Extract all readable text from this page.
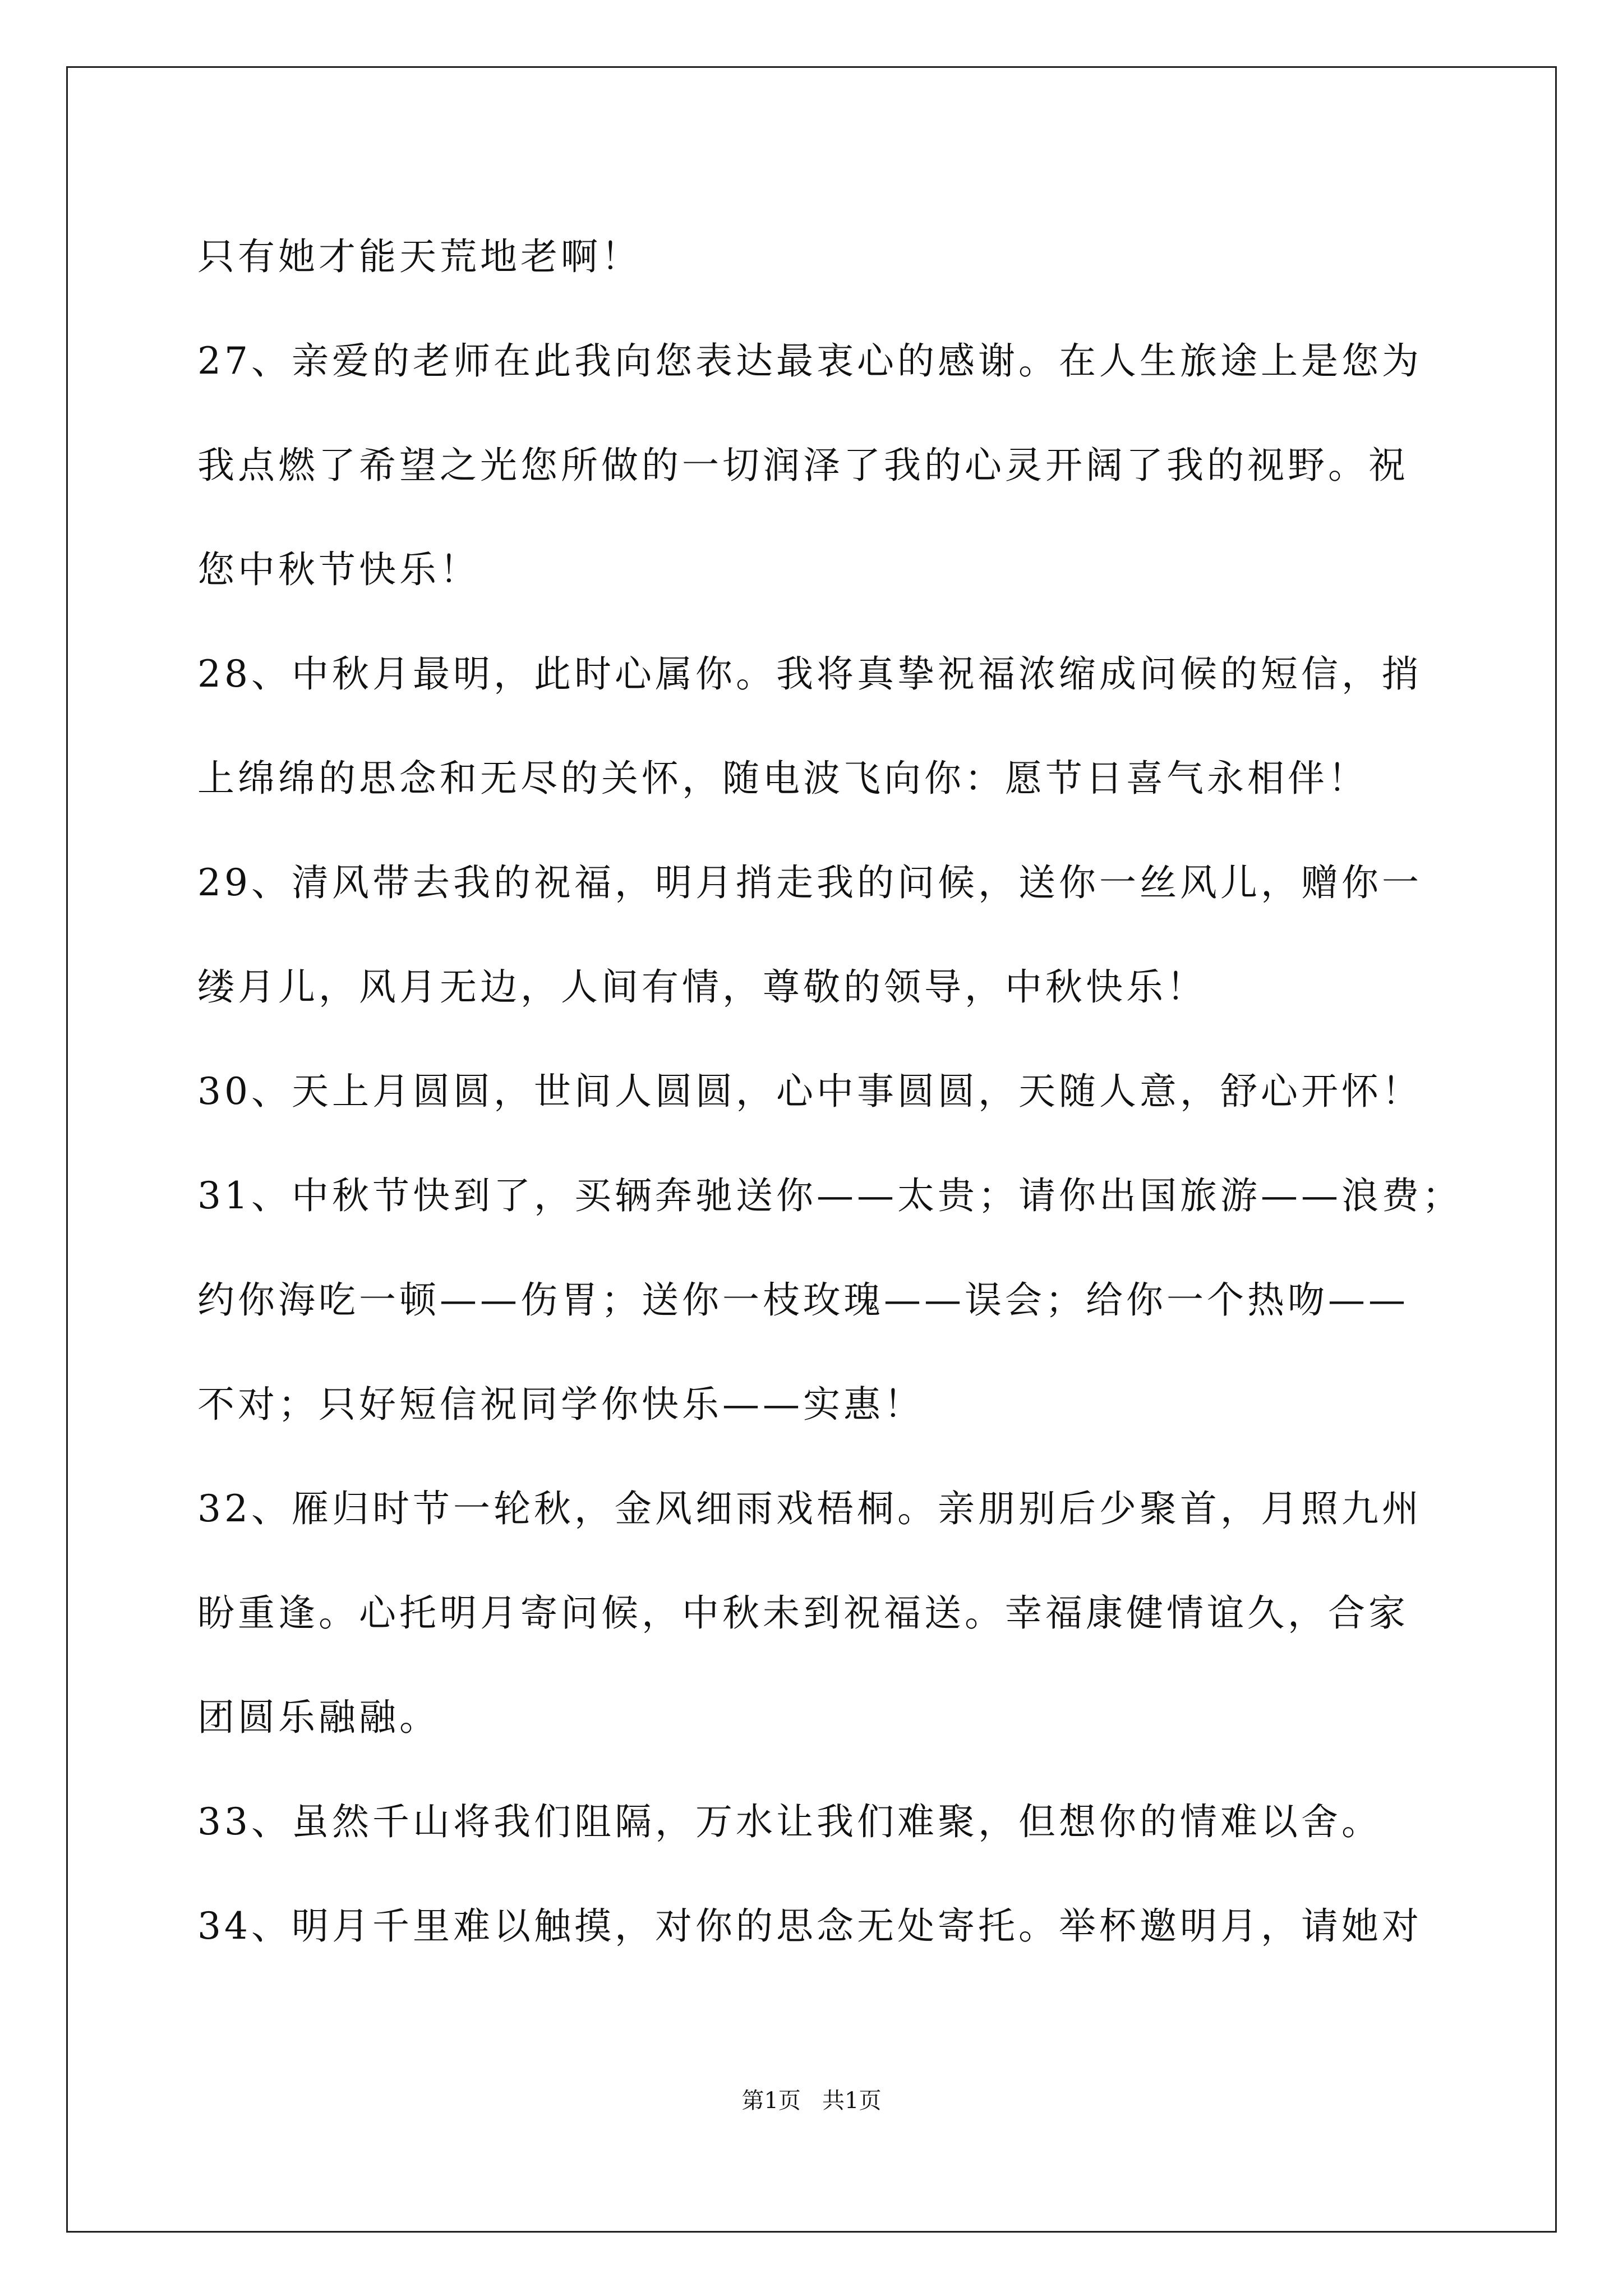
只有她才能天荒地老啊！
27、亲爱的老师在此我向您表达最衷心的感谢。在人生旅途上是您为
我点燃了希望之光您所做的一切润泽了我的心灵开阔了我的视野。祝
您中秋节快乐！
28、中秋月最明，此时心属你。我将真挚祝福浓缩成问候的短信，捎
上绵绵的思念和无尽的关怀，随电波飞向你：愿节日喜气永相伴！
29、清风带去我的祝福，明月捎走我的问候，送你一丝风儿，赠你一
缕月儿，风月无边，人间有情，尊敬的领导，中秋快乐！
30、天上月圆圆，世间人圆圆，心中事圆圆，天随人意，舒心开怀！
31、中秋节快到了，买辆奔驰送你——太贵；请你出国旅游——浪费；
约你海吃一顿——伤胃；送你一枝玫瑰——误会；给你一个热吻——
不对；只好短信祝同学你快乐——实惠！
32、雁归时节一轮秋，金风细雨戏梧桐。亲朋别后少聚首，月照九州
盼重逢。心托明月寄问候，中秋未到祝福送。幸福康健情谊久，合家
团圆乐融融。
33、虽然千山将我们阻隔，万水让我们难聚，但想你的情难以舍。
34、明月千里难以触摸，对你的思念无处寄托。举杯邀明月，请她对
第1页   共1页
